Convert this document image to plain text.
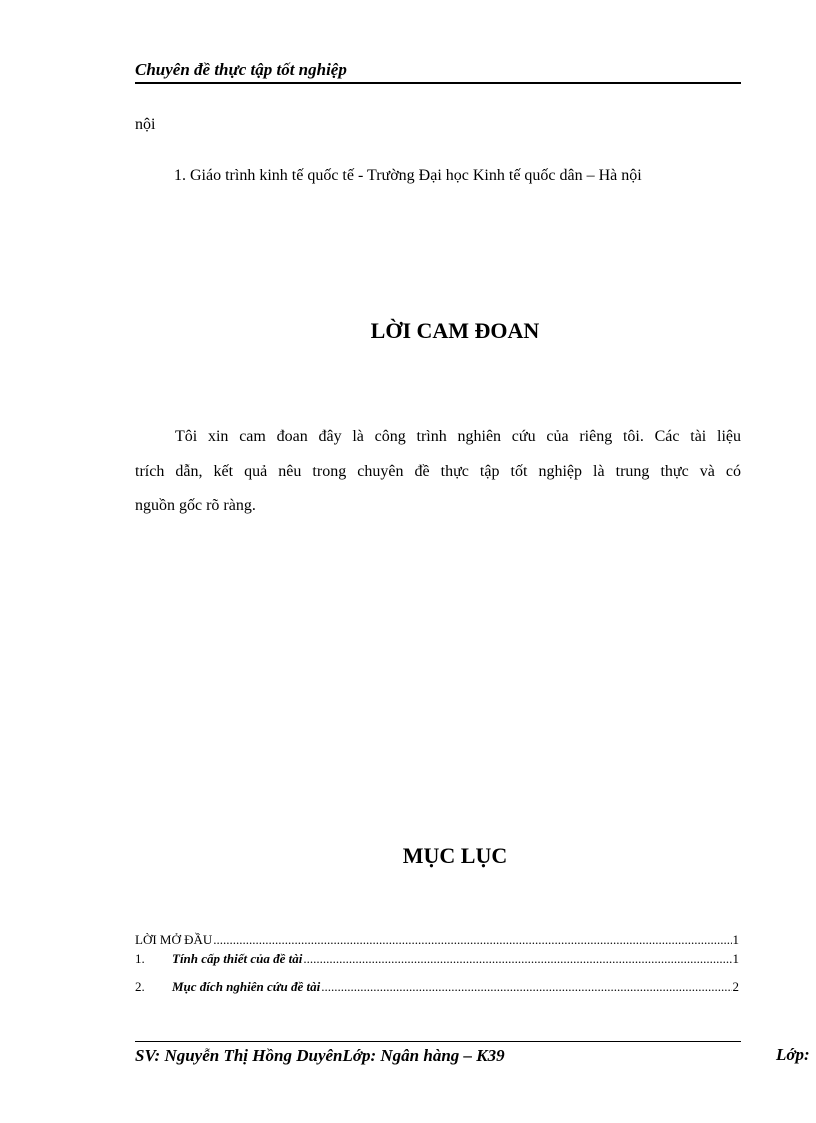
Chuyên đề thực tập tốt nghiệp
nội
1. Giáo trình kinh tế quốc tế - Trường Đại học Kinh tế quốc dân – Hà nội
LỜI CAM ĐOAN
Tôi xin cam đoan đây là công trình nghiên cứu của riêng tôi. Các tài liệu
trích dẫn, kết quả nêu trong chuyên đề thực tập tốt nghiệp là trung thực và có
nguồn gốc rõ ràng.
MỤC LỤC
LỜI MỞ ĐẦU .....	1
1.	Tính cấp thiết của đề tài .....	1
2.	Mục đích nghiên cứu đề tài .....	2
SV: Nguyễn Thị Hồng DuyênLớp: Ngân hàng – K39	Lớp:
